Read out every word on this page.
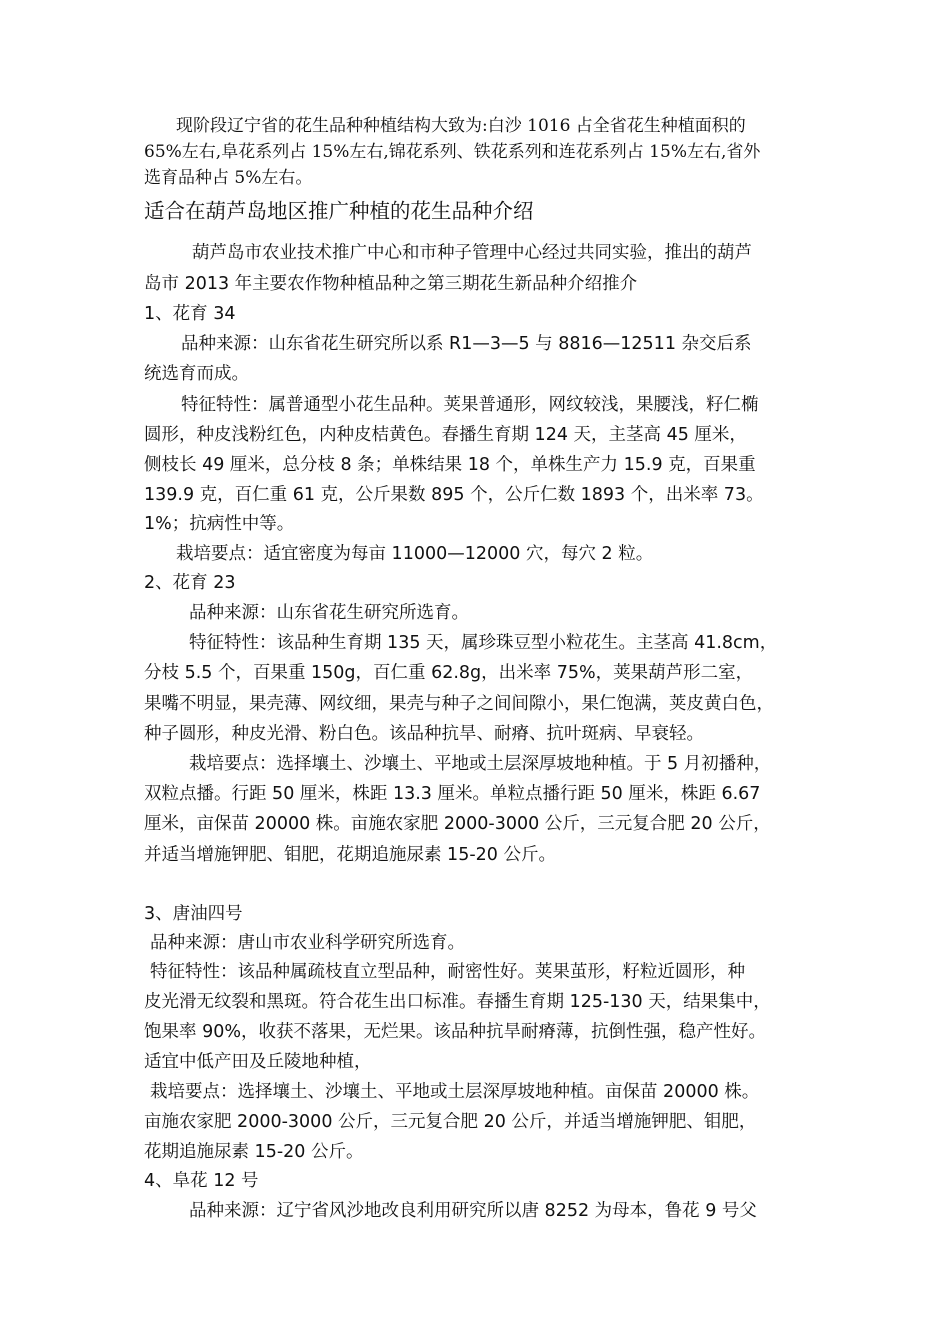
现阶段辽宁省的花生品种种植结构大致为:白沙 1016 占全省花生种植面积的
65%左右,阜花系列占 15%左右,锦花系列、铁花系列和连花系列占 15%左右,省外
选育品种占 5%左右。
适合在葫芦岛地区推广种植的花生品种介绍
葫芦岛市农业技术推广中心和市种子管理中心经过共同实验，推出的葫芦
岛市 2013 年主要农作物种植品种之第三期花生新品种介绍推介
1、花育 34
品种来源：山东省花生研究所以系 R1—3—5 与 8816—12511 杂交后系
统选育而成。
特征特性：属普通型小花生品种。荚果普通形，网纹较浅，果腰浅，籽仁椭
圆形，种皮浅粉红色，内种皮桔黄色。春播生育期 124 天，主茎高 45 厘米，
侧枝长 49 厘米，总分枝 8 条；单株结果 18 个，单株生产力 15.9 克，百果重
139.9 克，百仁重 61 克，公斤果数 895 个，公斤仁数 1893 个，出米率 73。
1%；抗病性中等。
栽培要点：适宜密度为每亩 11000—12000 穴，每穴 2 粒。
2、花育 23
品种来源：山东省花生研究所选育。
特征特性：该品种生育期 135 天，属珍珠豆型小粒花生。主茎高 41.8cm，
分枝 5.5 个，百果重 150g，百仁重 62.8g，出米率 75%，荚果葫芦形二室，
果嘴不明显，果壳薄、网纹细，果壳与种子之间间隙小，果仁饱满，荚皮黄白色，
种子圆形，种皮光滑、粉白色。该品种抗旱、耐瘠、抗叶斑病、早衰轻。
栽培要点：选择壤土、沙壤土、平地或土层深厚坡地种植。于 5 月初播种，
双粒点播。行距 50 厘米，株距 13.3 厘米。单粒点播行距 50 厘米，株距 6.67
厘米，亩保苗 20000 株。亩施农家肥 2000-3000 公斤，三元复合肥 20 公斤，
并适当增施钾肥、钼肥，花期追施尿素 15-20 公斤。
3、唐油四号
品种来源：唐山市农业科学研究所选育。
特征特性：该品种属疏枝直立型品种，耐密性好。荚果茧形，籽粒近圆形，种
皮光滑无纹裂和黑斑。符合花生出口标准。春播生育期 125-130 天，结果集中，
饱果率 90%，收获不落果，无烂果。该品种抗旱耐瘠薄，抗倒性强，稳产性好。
适宜中低产田及丘陵地种植，
栽培要点：选择壤土、沙壤土、平地或土层深厚坡地种植。亩保苗 20000 株。
亩施农家肥 2000-3000 公斤，三元复合肥 20 公斤，并适当增施钾肥、钼肥，
花期追施尿素 15-20 公斤。
4、阜花 12 号
品种来源：辽宁省风沙地改良利用研究所以唐 8252 为母本，鲁花 9 号父
